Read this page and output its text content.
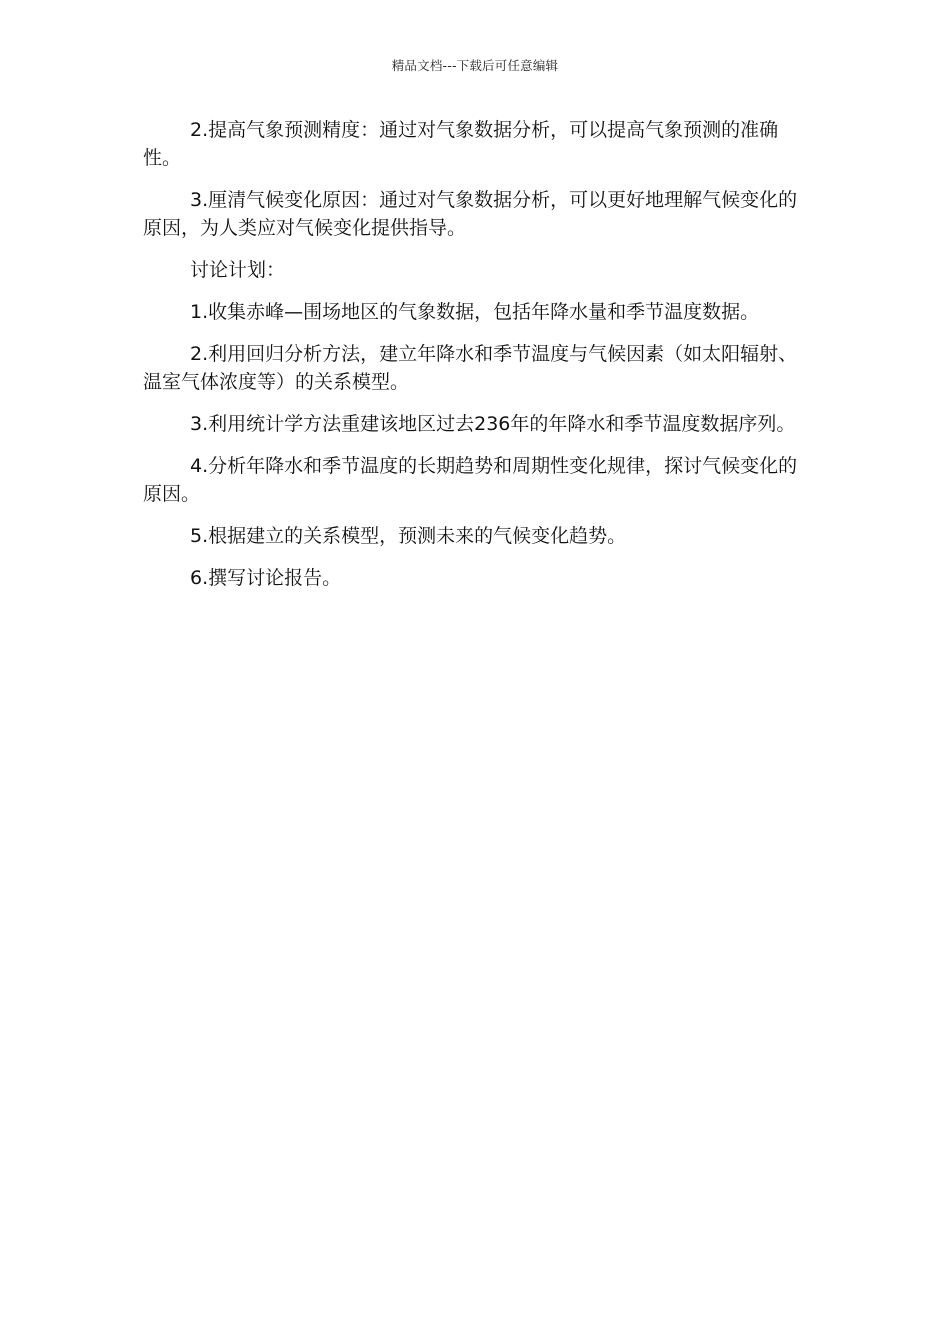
精品文档---下载后可任意编辑

2.提高气象预测精度：通过对气象数据分析，可以提高气象预测的准确性。

3.厘清气候变化原因：通过对气象数据分析，可以更好地理解气候变化的原因，为人类应对气候变化提供指导。

讨论计划：

1.收集赤峰—围场地区的气象数据，包括年降水量和季节温度数据。

2.利用回归分析方法，建立年降水和季节温度与气候因素（如太阳辐射、温室气体浓度等）的关系模型。

3.利用统计学方法重建该地区过去236年的年降水和季节温度数据序列。

4.分析年降水和季节温度的长期趋势和周期性变化规律，探讨气候变化的原因。

5.根据建立的关系模型，预测未来的气候变化趋势。

6.撰写讨论报告。
